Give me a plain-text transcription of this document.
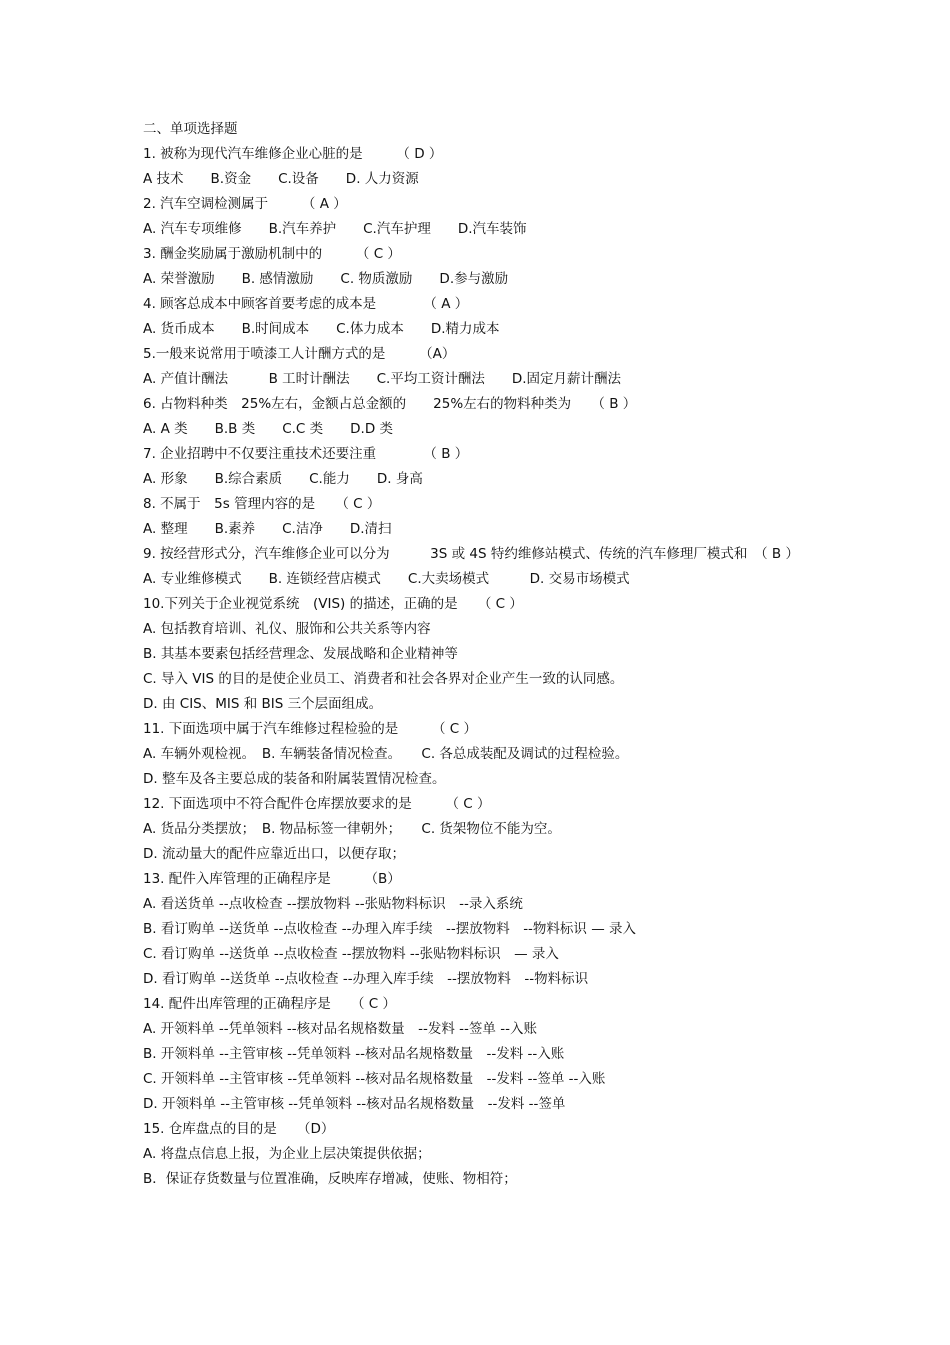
二、单项选择题
1. 被称为现代汽车维修企业心脏的是　　　（ D ）
A 技术　　B.资金　　C.设备　　D. 人力资源
2. 汽车空调检测属于　　　（ A ）
A. 汽车专项维修　　B.汽车养护　　C.汽车护理　　D.汽车装饰
3. 酬金奖励属于激励机制中的　　　（ C ）
A. 荣誉激励　　B. 感情激励　　C. 物质激励　　D.参与激励
4. 顾客总成本中顾客首要考虑的成本是　　　　（ A ）
A. 货币成本　　B.时间成本　　C.体力成本　　D.精力成本
5.一般来说常用于喷漆工人计酬方式的是　　　（A）
A. 产值计酬法　　　B 工时计酬法　　C.平均工资计酬法　　D.固定月薪计酬法
6. 占物料种类　25%左右，金额占总金额的　　25%左右的物料种类为　　（ B ）
A. A 类　　B.B 类　　C.C 类　　D.D 类
7. 企业招聘中不仅要注重技术还要注重　　　　（ B ）
A. 形象　　B.综合素质　　C.能力　　D. 身高
8. 不属于　5s 管理内容的是　　（ C ）
A. 整理　　B.素养　　C.洁净　　D.清扫
9. 按经营形式分，汽车维修企业可以分为　　　3S 或 4S 特约维修站模式、传统的汽车修理厂模式和　（ B ）
A. 专业维修模式　　B. 连锁经营店模式　　C.大卖场模式　　　D. 交易市场模式
10.下列关于企业视觉系统　(VIS) 的描述，正确的是　　（ C ）
A. 包括教育培训、礼仪、服饰和公共关系等内容
B. 其基本要素包括经营理念、发展战略和企业精神等
C. 导入 VIS 的目的是使企业员工、消费者和社会各界对企业产生一致的认同感。
D. 由 CIS、MIS 和 BIS 三个层面组成。
11. 下面选项中属于汽车维修过程检验的是　　　（ C ）
A. 车辆外观检视。　B. 车辆装备情况检查。　　C. 各总成装配及调试的过程检验。
D. 整车及各主要总成的装备和附属装置情况检查。
12. 下面选项中不符合配件仓库摆放要求的是　　　（ C ）
A. 货品分类摆放；　B. 物品标签一律朝外；　　C. 货架物位不能为空。
D. 流动量大的配件应靠近出口，以便存取；
13. 配件入库管理的正确程序是　　　（B）
A. 看送货单 --点收检查 --摆放物料 --张贴物料标识　--录入系统
B. 看订购单 --送货单 --点收检查 --办理入库手续　--摆放物料　--物料标识 — 录入
C. 看订购单 --送货单 --点收检查 --摆放物料 --张贴物料标识　— 录入
D. 看订购单 --送货单 --点收检查 --办理入库手续　--摆放物料　--物料标识
14. 配件出库管理的正确程序是　　（ C ）
A. 开领料单 --凭单领料 --核对品名规格数量　--发料 --签单 --入账
B. 开领料单 --主管审核 --凭单领料 --核对品名规格数量　--发料 --入账
C. 开领料单 --主管审核 --凭单领料 --核对品名规格数量　--发料 --签单 --入账
D. 开领料单 --主管审核 --凭单领料 --核对品名规格数量　--发料 --签单
15. 仓库盘点的目的是　　（D）
A. 将盘点信息上报，为企业上层决策提供依据；
B．保证存货数量与位置准确，反映库存增减，使账、物相符；
